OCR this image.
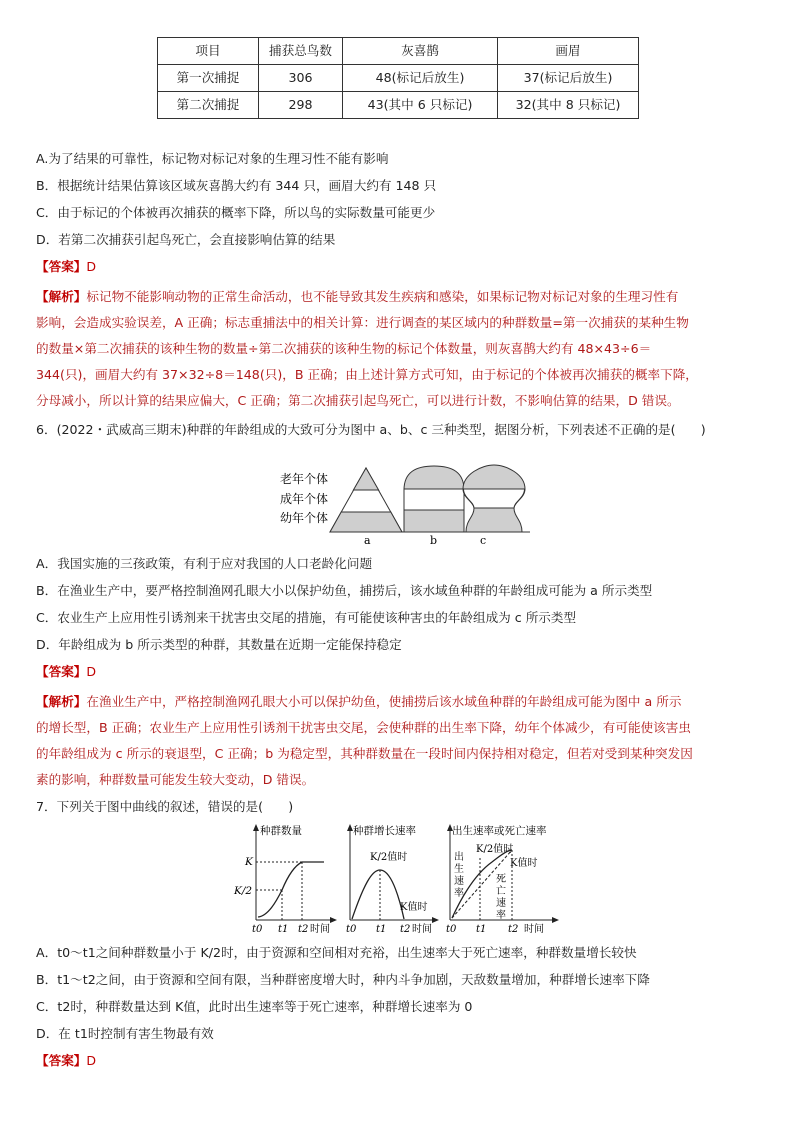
项目	捕获总鸟数	灰喜鹊	画眉
第一次捕捉	306	48(标记后放生)	37(标记后放生)
第二次捕捉	298	43(其中 6 只标记)	32(其中 8 只标记)
A.为了结果的可靠性，标记物对标记对象的生理习性不能有影响
B．根据统计结果估算该区域灰喜鹊大约有 344 只，画眉大约有 148 只
C．由于标记的个体被再次捕获的概率下降，所以鸟的实际数量可能更少
D．若第二次捕获引起鸟死亡，会直接影响估算的结果
【答案】D
【解析】标记物不能影响动物的正常生命活动，也不能导致其发生疾病和感染，如果标记物对标记对象的生理习性有
影响，会造成实验误差，A 正确；标志重捕法中的相关计算：进行调查的某区域内的种群数量=第一次捕获的某种生物
的数量×第二次捕获的该种生物的数量÷第二次捕获的该种生物的标记个体数量，则灰喜鹊大约有 48×43÷6＝
344(只)，画眉大约有 37×32÷8＝148(只)，B 正确；由上述计算方式可知，由于标记的个体被再次捕获的概率下降，
分母减小，所以计算的结果应偏大，C 正确；第二次捕获引起鸟死亡，可以进行计数，不影响估算的结果，D 错误。
6．(2022・武威高三期末)种群的年龄组成的大致可分为图中 a、b、c 三种类型，据图分析，下列表述不正确的是(　　)
老年个体
成年个体
幼年个体
a	b	c
A．我国实施的三孩政策，有利于应对我国的人口老龄化问题
B．在渔业生产中，要严格控制渔网孔眼大小以保护幼鱼，捕捞后，该水域鱼种群的年龄组成可能为 a 所示类型
C．农业生产上应用性引诱剂来干扰害虫交尾的措施，有可能使该种害虫的年龄组成为 c 所示类型
D．年龄组成为 b 所示类型的种群，其数量在近期一定能保持稳定
【答案】D
【解析】在渔业生产中，严格控制渔网孔眼大小可以保护幼鱼，使捕捞后该水域鱼种群的年龄组成可能为图中 a 所示
的增长型，B 正确；农业生产上应用性引诱剂干扰害虫交尾，会使种群的出生率下降，幼年个体减少，有可能使该害虫
的年龄组成为 c 所示的衰退型，C 正确；b 为稳定型，其种群数量在一段时间内保持相对稳定，但若对受到某种突发因
素的影响，种群数量可能发生较大变动，D 错误。
7．下列关于图中曲线的叙述，错误的是(　　)
种群数量
K
K/2
t0 t1 t2 时间
种群增长速率
K/2值时
K值时
t0 t1 t2 时间
出生速率或死亡速率
K/2值时
K值时
出
生
速
率
死
亡
速
率
t0 t1 t2 时间
A．t0～t1之间种群数量小于 K/2时，由于资源和空间相对充裕，出生速率大于死亡速率，种群数量增长较快
B．t1～t2之间，由于资源和空间有限，当种群密度增大时，种内斗争加剧，天敌数量增加，种群增长速率下降
C．t2时，种群数量达到 K值，此时出生速率等于死亡速率，种群增长速率为 0
D．在 t1时控制有害生物最有效
【答案】D
